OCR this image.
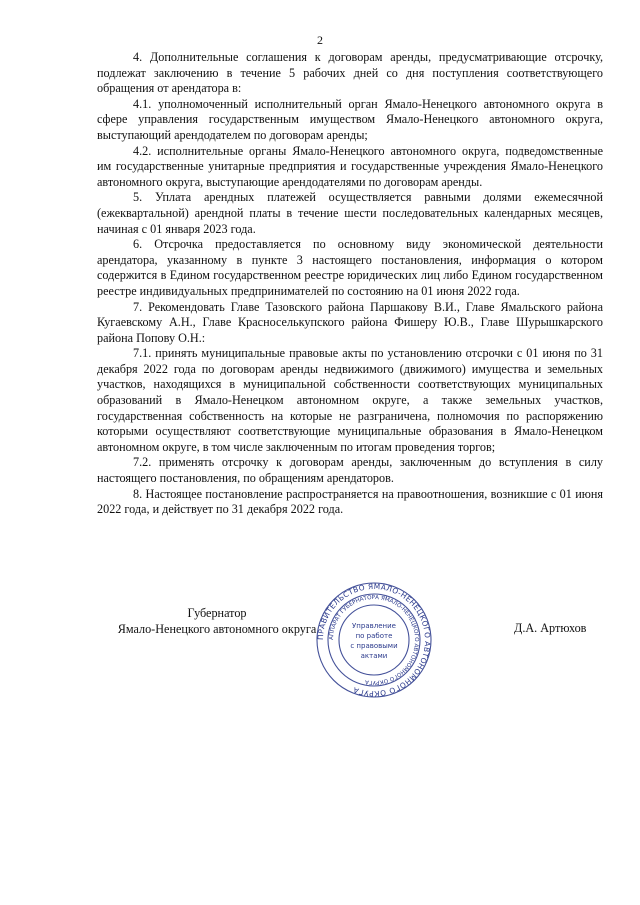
2

4. Дополнительные соглашения к договорам аренды, предусматривающие отсрочку, подлежат заключению в течение 5 рабочих дней со дня поступления соответствующего обращения от арендатора в:

4.1. уполномоченный исполнительный орган Ямало-Ненецкого автономного округа в сфере управления государственным имуществом Ямало-Ненецкого автономного округа, выступающий арендодателем по договорам аренды;

4.2. исполнительные органы Ямало-Ненецкого автономного округа, подведомственные им государственные унитарные предприятия и государственные учреждения Ямало-Ненецкого автономного округа, выступающие арендодателями по договорам аренды.

5. Уплата арендных платежей осуществляется равными долями ежемесячной (ежеквартальной) арендной платы в течение шести последовательных календарных месяцев, начиная с 01 января 2023 года.

6. Отсрочка предоставляется по основному виду экономической деятельности арендатора, указанному в пункте 3 настоящего постановления, информация о котором содержится в Едином государственном реестре юридических лиц либо Едином государственном реестре индивидуальных предпринимателей по состоянию на 01 июня 2022 года.

7. Рекомендовать Главе Тазовского района Паршакову В.И., Главе Ямальского района Кугаевскому А.Н., Главе Красноселькупского района Фишеру Ю.В., Главе Шурышкарского района Попову О.Н.:

7.1. принять муниципальные правовые акты по установлению отсрочки с 01 июня по 31 декабря 2022 года по договорам аренды недвижимого (движимого) имущества и земельных участков, находящихся в муниципальной собственности соответствующих муниципальных образований в Ямало-Ненецком автономном округе, а также земельных участков, государственная собственность на которые не разграничена, полномочия по распоряжению которыми осуществляют соответствующие муниципальные образования в Ямало-Ненецком автономном округе, в том числе заключенным по итогам проведения торгов;

7.2. применять отсрочку к договорам аренды, заключенным до вступления в силу настоящего постановления, по обращениям арендаторов.

8. Настоящее постановление распространяется на правоотношения, возникшие с 01 июня 2022 года, и действует по 31 декабря 2022 года.

Губернатор
Ямало-Ненецкого автономного округа
ПРАВИТЕЛЬСТВО ЯМАЛО-НЕНЕЦКОГО АВТОНОМНОГО ОКРУГА
АППАРАТ ГУБЕРНАТОРА ЯМАЛО-НЕНЕЦКОГО АВТОНОМНОГО ОКРУГА
Управление
по работе
с правовыми
актами
Д.А. Артюхов
